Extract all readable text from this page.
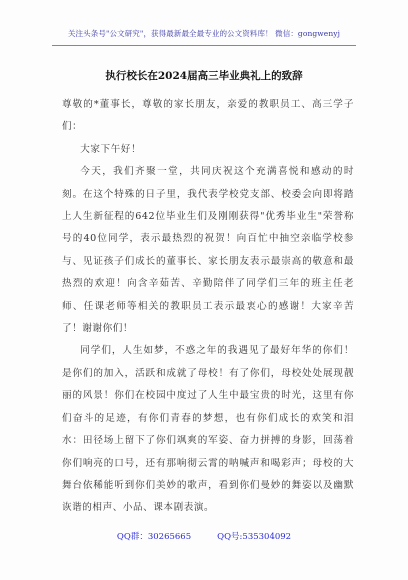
关注头条号"公文研究"，获得最新最全最专业的公文资料库！ 微信：gongwenyj
执行校长在2024届高三毕业典礼上的致辞

尊敬的*董事长，尊敬的家长朋友，亲爱的教职员工、高三学子们：

大家下午好！

今天，我们齐聚一堂，共同庆祝这个充满喜悦和感动的时刻。在这个特殊的日子里，我代表学校党支部、校委会向即将踏上人生新征程的642位毕业生们及刚刚获得"优秀毕业生"荣誉称号的40位同学，表示最热烈的祝贺！向百忙中抽空亲临学校参与、见证孩子们成长的董事长、家长朋友表示最崇高的敬意和最热烈的欢迎！向含辛茹苦、辛勤陪伴了同学们三年的班主任老师、任课老师等相关的教职员工表示最衷心的感谢！大家辛苦了！谢谢你们！

同学们，人生如梦，不惑之年的我遇见了最好年华的你们！是你们的加入，活跃和成就了母校！有了你们，母校处处展现靓丽的风景！你们在校园中度过了人生中最宝贵的时光，这里有你们奋斗的足迹，有你们青春的梦想，也有你们成长的欢笑和泪水：田径场上留下了你们飒爽的军姿、奋力拼搏的身影，回荡着你们响亮的口号，还有那响彻云霄的呐喊声和喝彩声；母校的大舞台依稀能听到你们美妙的歌声，看到你们曼妙的舞姿以及幽默诙谐的相声、小品、课本剧表演。

QQ群：30265665	QQ号:535304092
